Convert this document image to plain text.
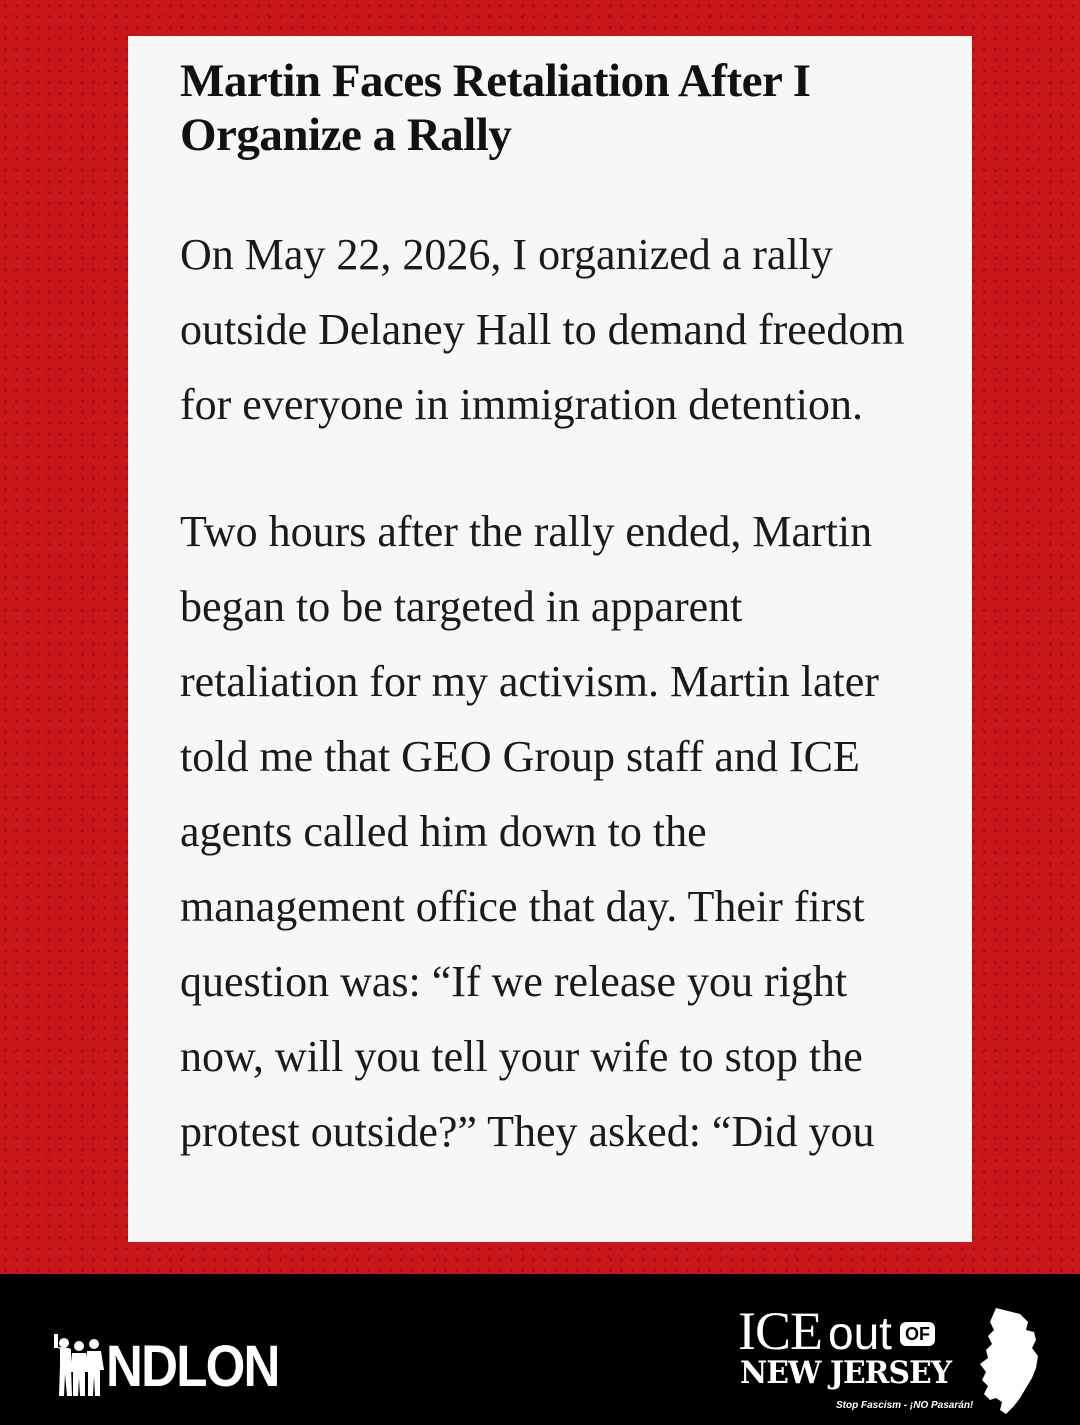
Martin Faces Retaliation After I Organize a Rally

On May 22, 2026, I organized a rally outside Delaney Hall to demand freedom for everyone in immigration detention.

Two hours after the rally ended, Martin began to be targeted in apparent retaliation for my activism. Martin later told me that GEO Group staff and ICE agents called him down to the management office that day. Their first question was: “If we release you right now, will you tell your wife to stop the protest outside?” They asked: “Did you

NDLON
ICE out OF
NEW JERSEY
Stop Fascism - ¡NO Pasarán!
